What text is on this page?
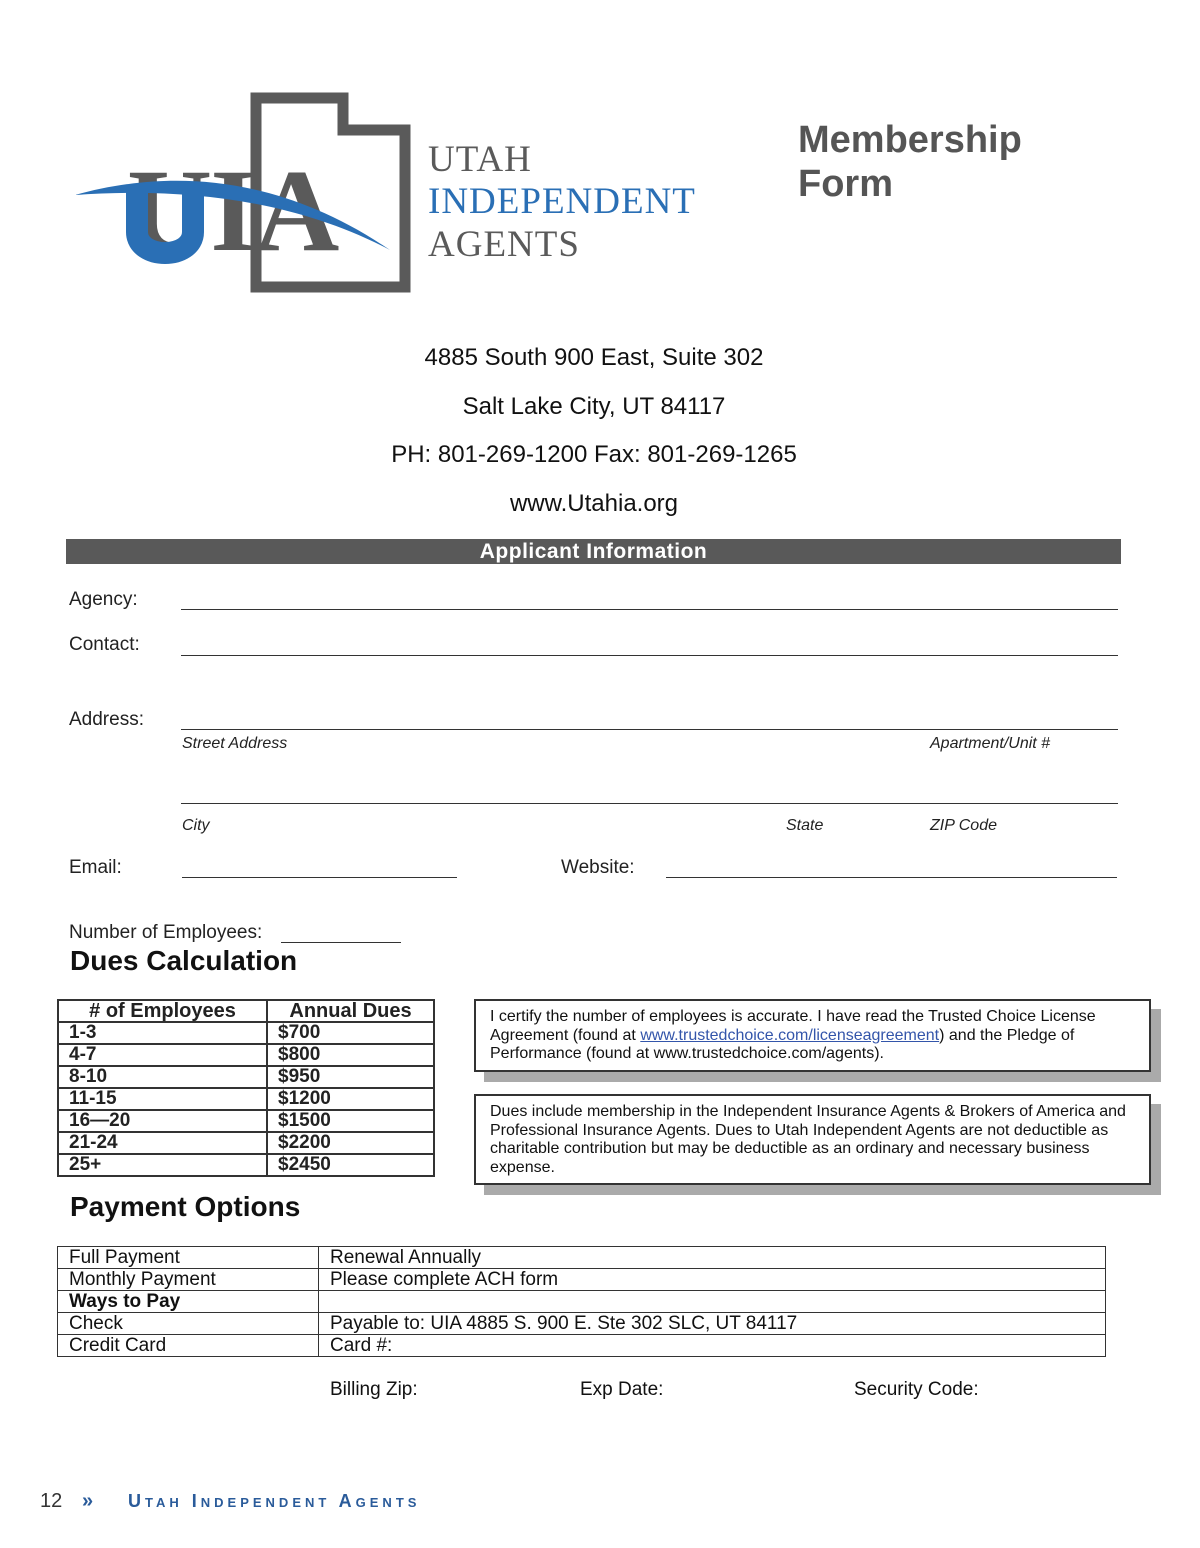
UIA UTAH
INDEPENDENT
AGENTS
Membership
Form
4885 South 900 East, Suite 302
Salt Lake City, UT 84117
PH: 801-269-1200 Fax: 801-269-1265
www.Utahia.org
Applicant Information
Agency:
Contact:
Address:
Street Address	Apartment/Unit #
City	State	ZIP Code
Email:	Website:
Number of Employees:
Dues Calculation
# of Employees	Annual Dues
1-3	$700
4-7	$800
8-10	$950
11-15	$1200
16—20	$1500
21-24	$2200
25+	$2450
I certify the number of employees is accurate. I have read the Trusted Choice License Agreement (found at www.trustedchoice.com/licenseagreement) and the Pledge of Performance (found at www.trustedchoice.com/agents).
Dues include membership in the Independent Insurance Agents & Brokers of America and Professional Insurance Agents. Dues to Utah Independent Agents are not deductible as charitable contribution but may be deductible as an ordinary and necessary business expense.
Payment Options
Full Payment	Renewal Annually
Monthly Payment	Please complete ACH form
Ways to Pay	
Check	Payable to: UIA 4885 S. 900 E. Ste 302 SLC, UT 84117
Credit Card	Card #:
Billing Zip: Exp Date: Security Code:
12 » Utah Independent Agents
